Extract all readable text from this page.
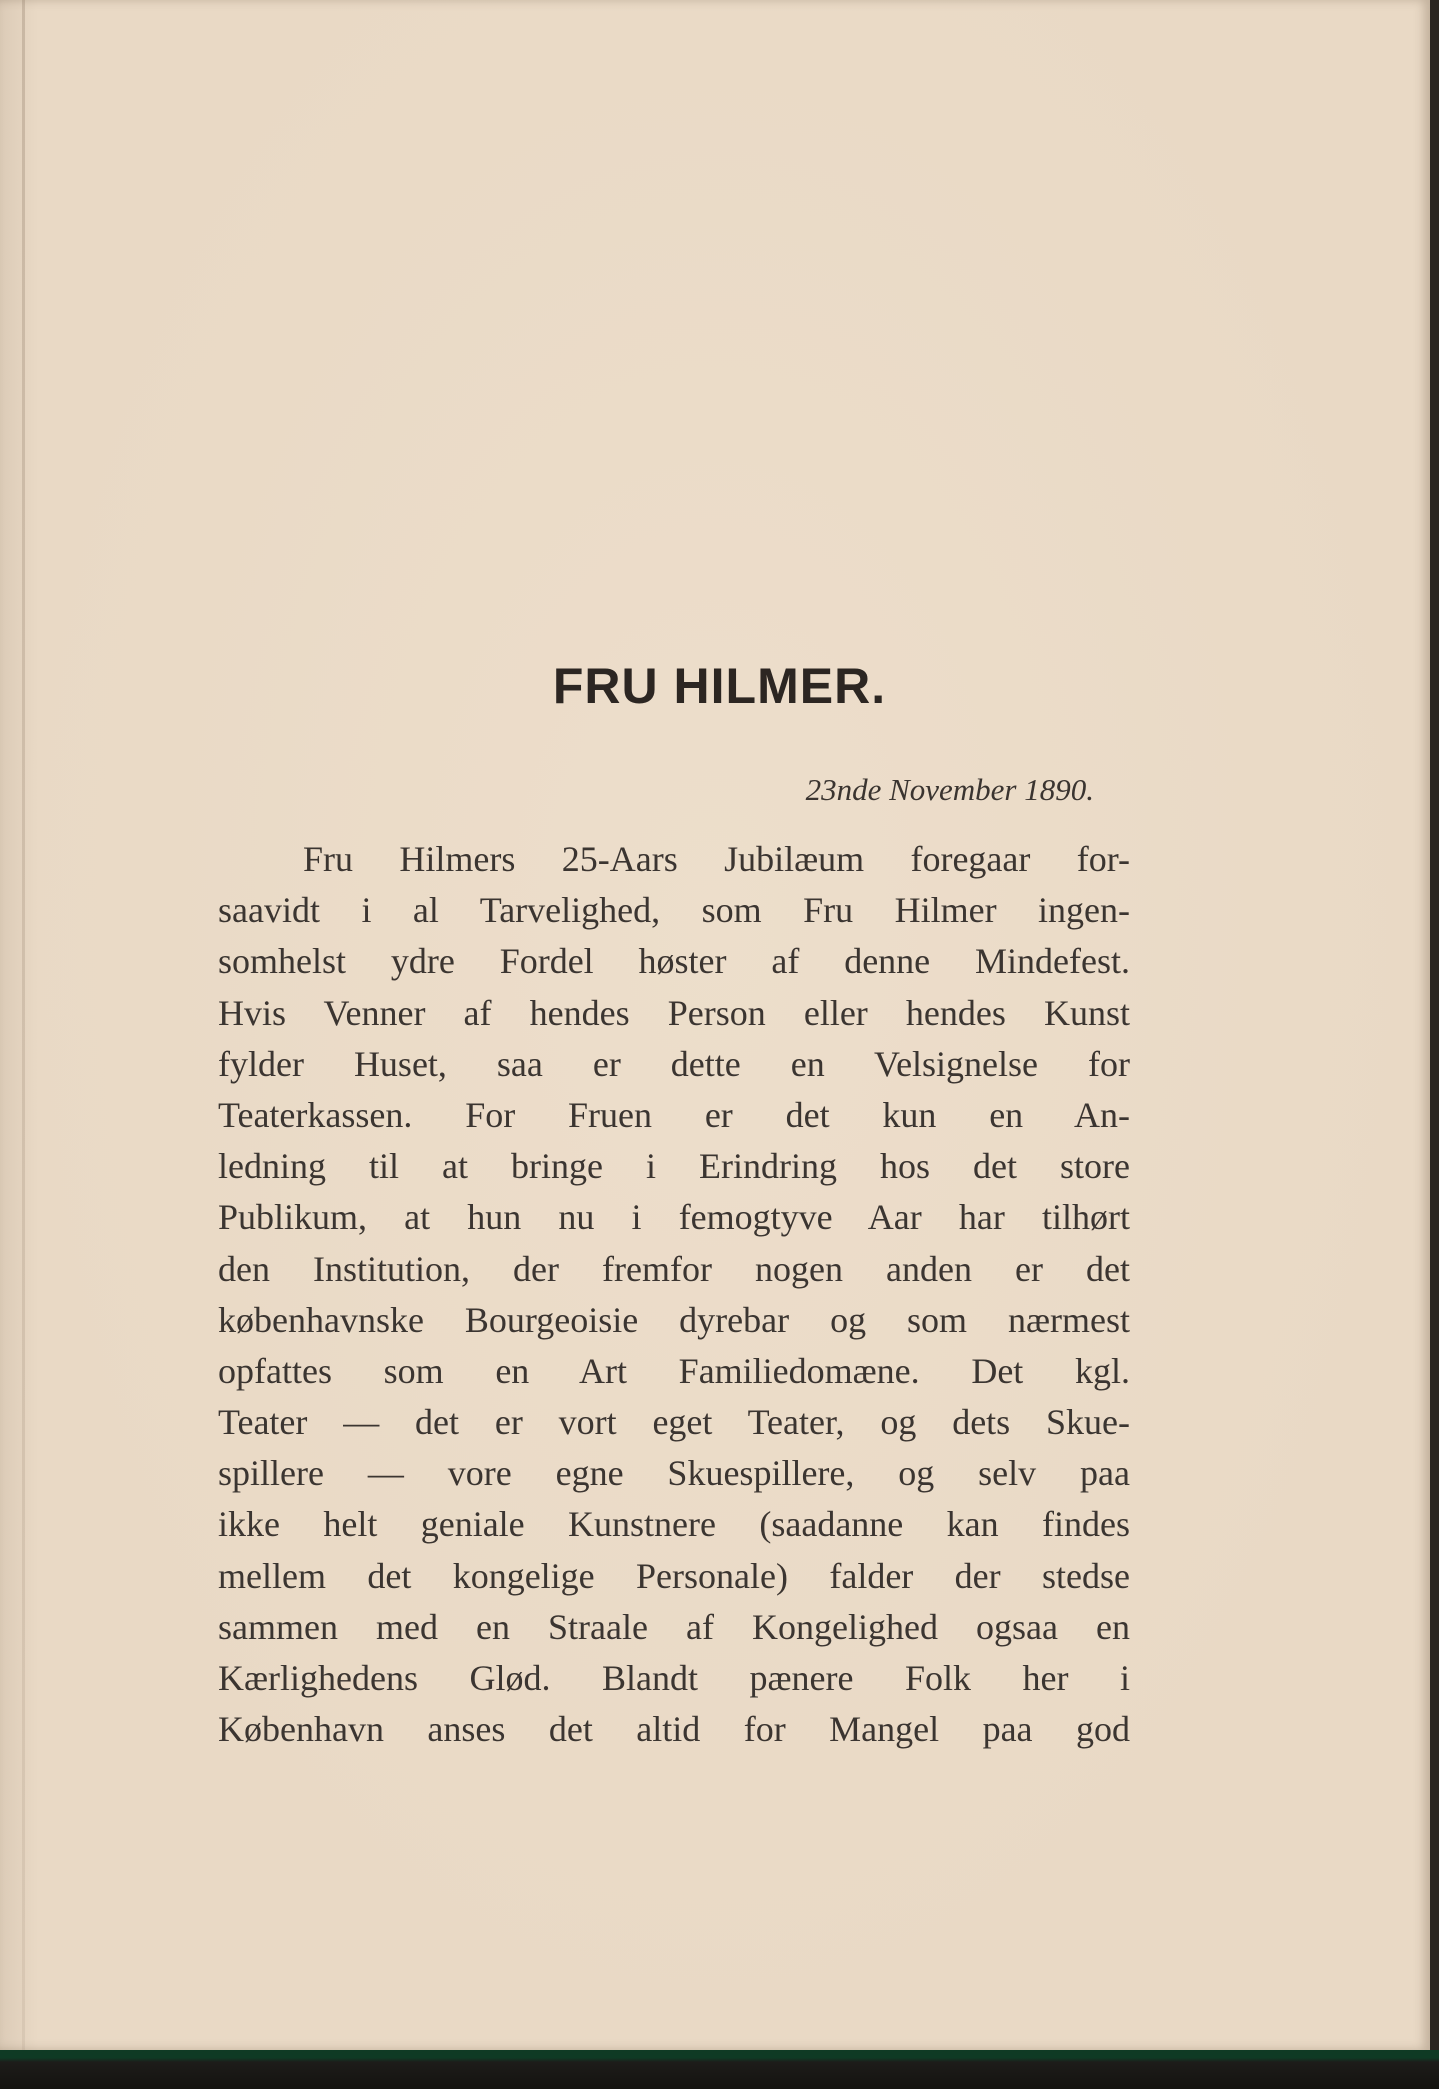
FRU HILMER.
23nde November 1890.
Fru Hilmers 25-Aars Jubilæum foregaar for-
saavidt i al Tarvelighed, som Fru Hilmer ingen-
somhelst ydre Fordel høster af denne Mindefest.
Hvis Venner af hendes Person eller hendes Kunst
fylder Huset, saa er dette en Velsignelse for
Teaterkassen. For Fruen er det kun en An-
ledning til at bringe i Erindring hos det store
Publikum, at hun nu i femogtyve Aar har tilhørt
den Institution, der fremfor nogen anden er det
københavnske Bourgeoisie dyrebar og som nærmest
opfattes som en Art Familiedomæne. Det kgl.
Teater — det er vort eget Teater, og dets Skue-
spillere — vore egne Skuespillere, og selv paa
ikke helt geniale Kunstnere (saadanne kan findes
mellem det kongelige Personale) falder der stedse
sammen med en Straale af Kongelighed ogsaa en
Kærlighedens Glød. Blandt pænere Folk her i
København anses det altid for Mangel paa god
